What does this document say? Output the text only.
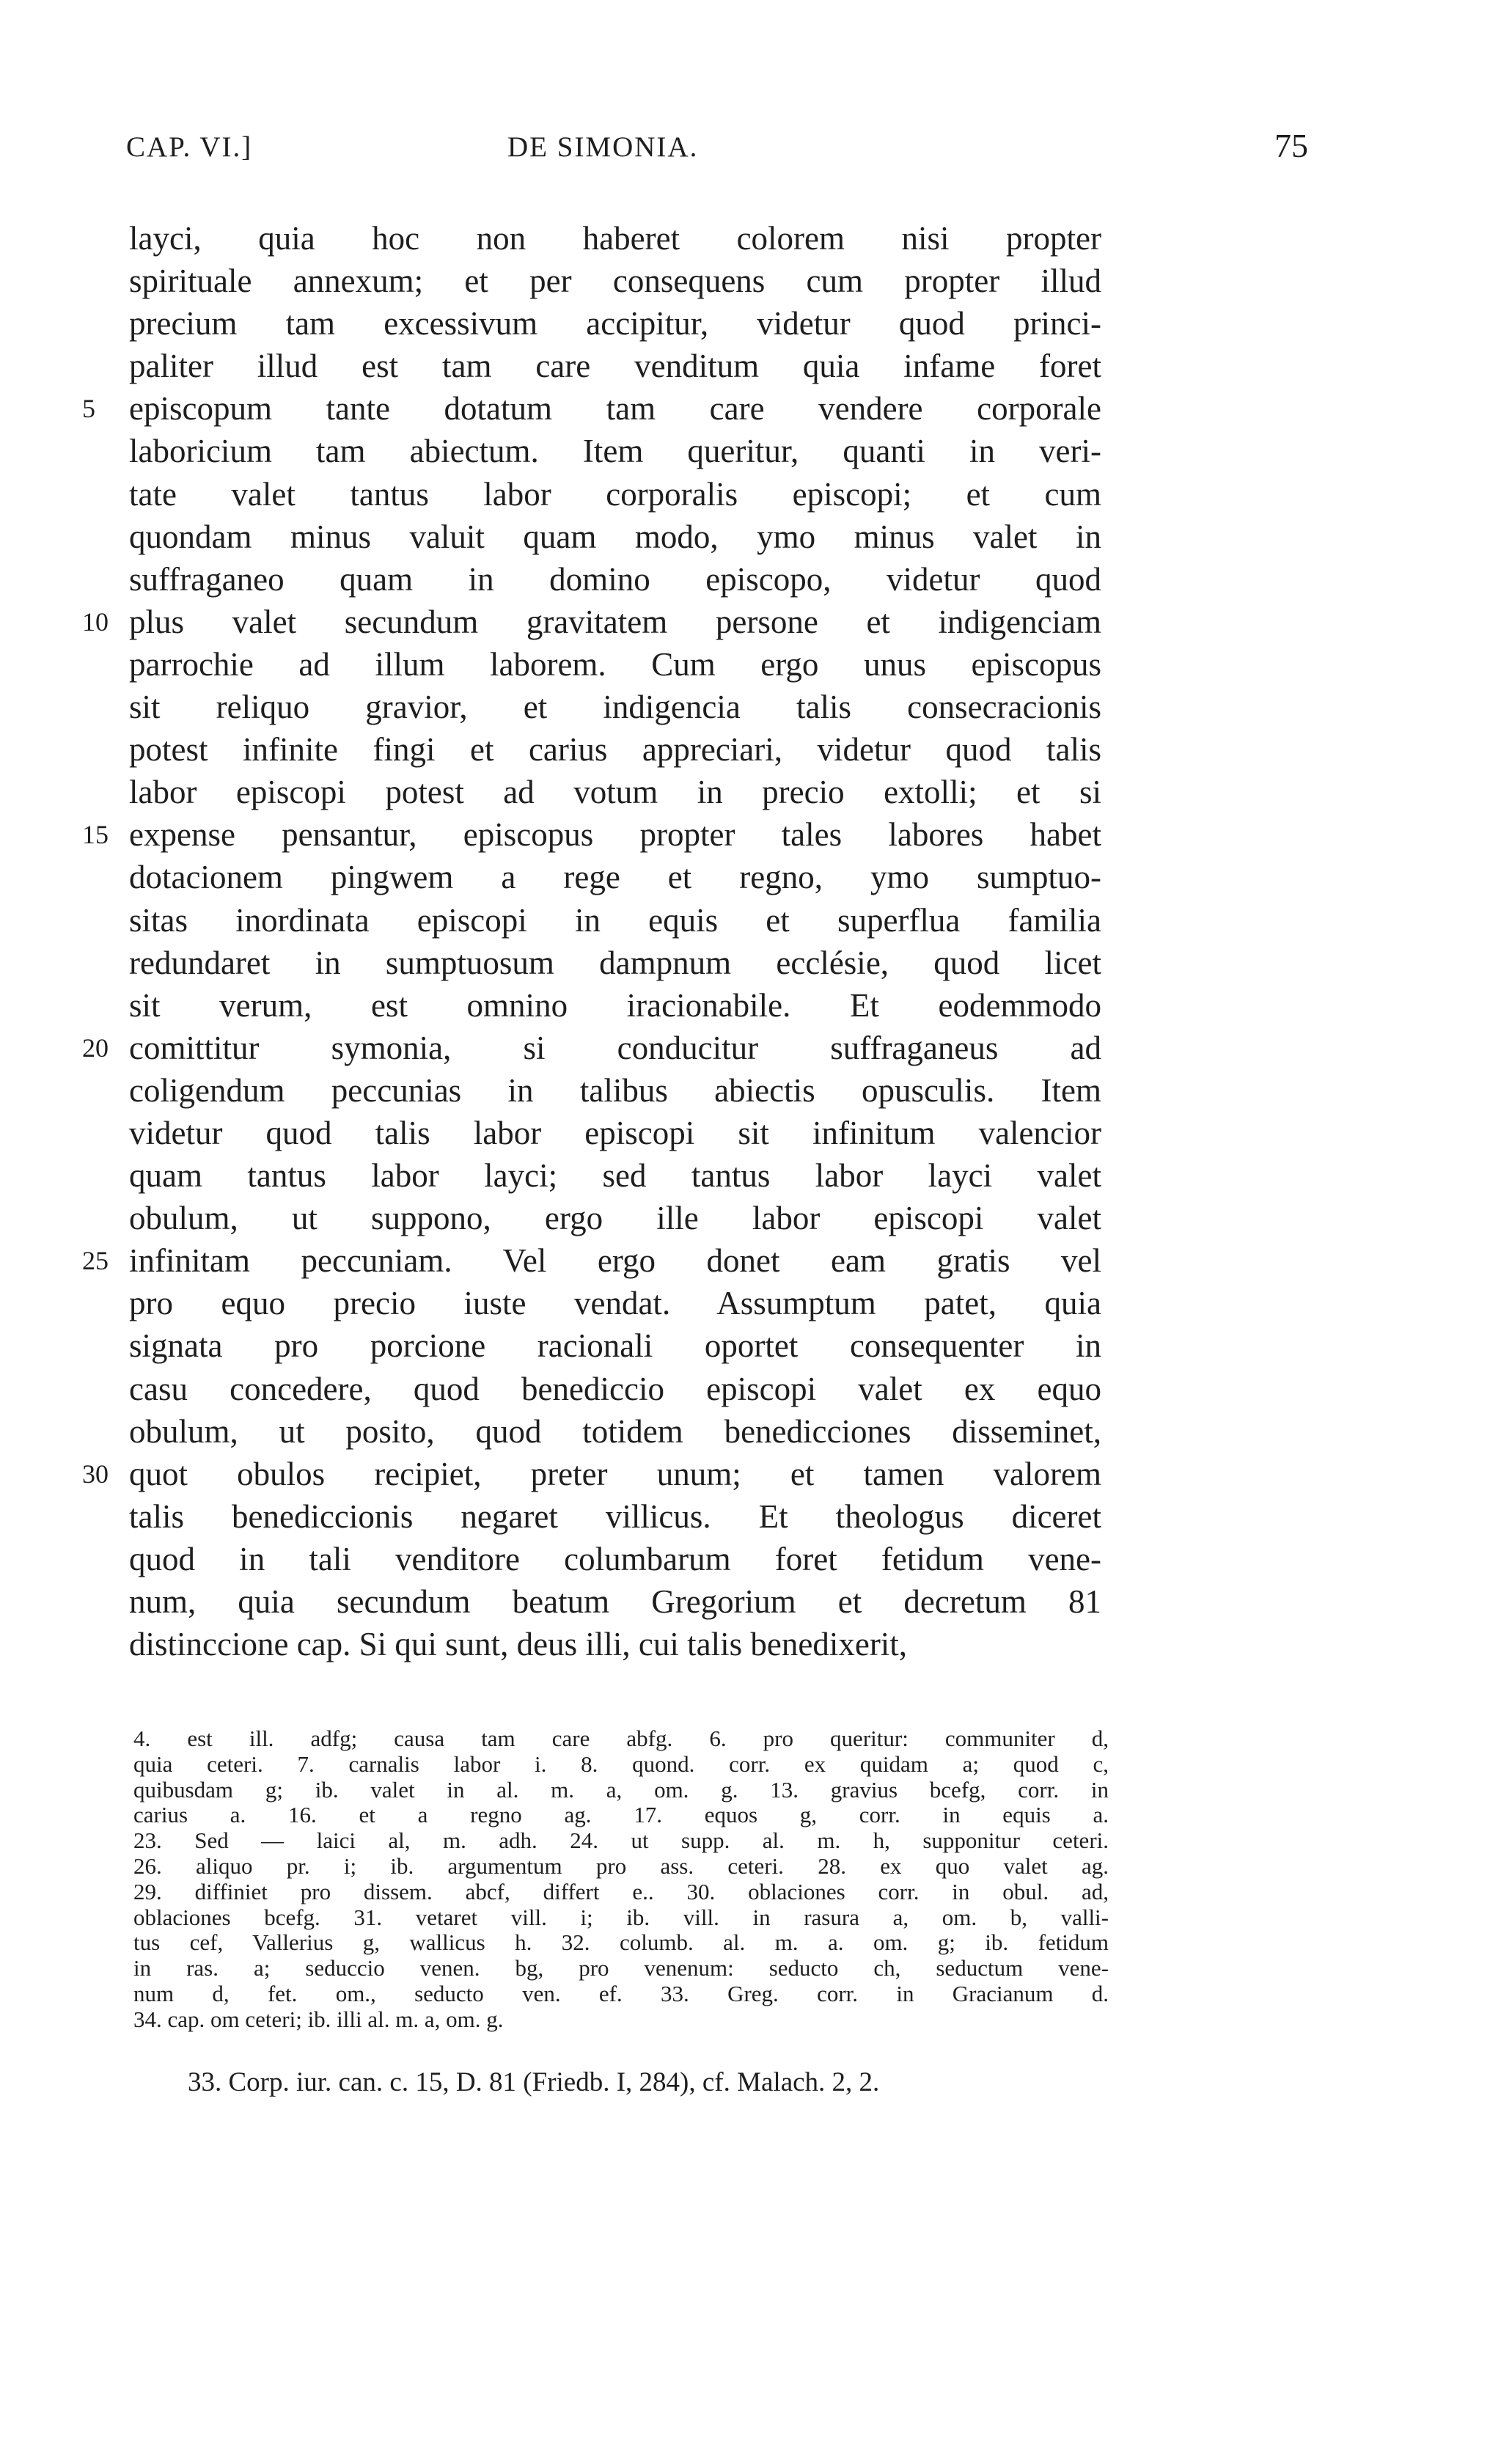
CAP. VI.]	DE SIMONIA.	75
layci, quia hoc non haberet colorem nisi propter
spirituale annexum; et per consequens cum propter illud
precium tam excessivum accipitur, videtur quod princi-
paliter illud est tam care venditum quia infame foret
5	episcopum tante dotatum tam care vendere corporale
laboricium tam abiectum. Item queritur, quanti in veri-
tate valet tantus labor corporalis episcopi; et cum
quondam minus valuit quam modo, ymo minus valet in
suffraganeo quam in domino episcopo, videtur quod
10 plus valet secundum gravitatem persone et indigenciam
parrochie ad illum laborem. Cum ergo unus episcopus
sit reliquo gravior, et indigencia talis consecracionis
potest infinite fingi et carius appreciari, videtur quod talis
labor episcopi potest ad votum in precio extolli; et si
15 expense pensantur, episcopus propter tales labores habet
dotacionem pingwem a rege et regno, ymo sumptuo-
sitas inordinata episcopi in equis et superflua familia
redundaret in sumptuosum dampnum ecclésie, quod licet
sit verum, est omnino iracionabile. Et eodemmodo
20 comittitur symonia, si conducitur suffraganeus ad
coligendum peccunias in talibus abiectis opusculis. Item
videtur quod talis labor episcopi sit infinitum valencior
quam tantus labor layci; sed tantus labor layci valet
obulum, ut suppono, ergo ille labor episcopi valet
25 infinitam peccuniam. Vel ergo donet eam gratis vel
pro equo precio iuste vendat. Assumptum patet, quia
signata pro porcione racionali oportet consequenter in
casu concedere, quod benediccio episcopi valet ex equo
obulum, ut posito, quod totidem benedicciones disseminet,
30 quot obulos recipiet, preter unum; et tamen valorem
talis benediccionis negaret villicus. Et theologus diceret
quod in tali venditore columbarum foret fetidum vene-
num, quia secundum beatum Gregorium et decretum 81
distinccione cap. Si qui sunt, deus illi, cui talis benedixerit,
4. est ill. adfg; causa tam care abfg. 6. pro queritur: communiter d,
quia ceteri. 7. carnalis labor i. 8. quond. corr. ex quidam a; quod c,
quibusdam g; ib. valet in al. m. a, om. g. 13. gravius bcefg, corr. in
carius a. 16. et a regno ag. 17. equos g, corr. in equis a.
23. Sed — laici al, m. adh. 24. ut supp. al. m. h, supponitur ceteri.
26. aliquo pr. i; ib. argumentum pro ass. ceteri. 28. ex quo valet ag.
29. diffiniet pro dissem. abcf, differt e.. 30. oblaciones corr. in obul. ad,
oblaciones bcefg. 31. vetaret vill. i; ib. vill. in rasura a, om. b, valli-
tus cef, Vallerius g, wallicus h. 32. columb. al. m. a. om. g; ib. fetidum
in ras. a; seduccio venen. bg, pro venenum: seducto ch, seductum vene-
num d, fet. om., seducto ven. ef. 33. Greg. corr. in Gracianum d.
34. cap. om ceteri; ib. illi al. m. a, om. g.
33. Corp. iur. can. c. 15, D. 81 (Friedb. I, 284), cf. Malach. 2, 2.
